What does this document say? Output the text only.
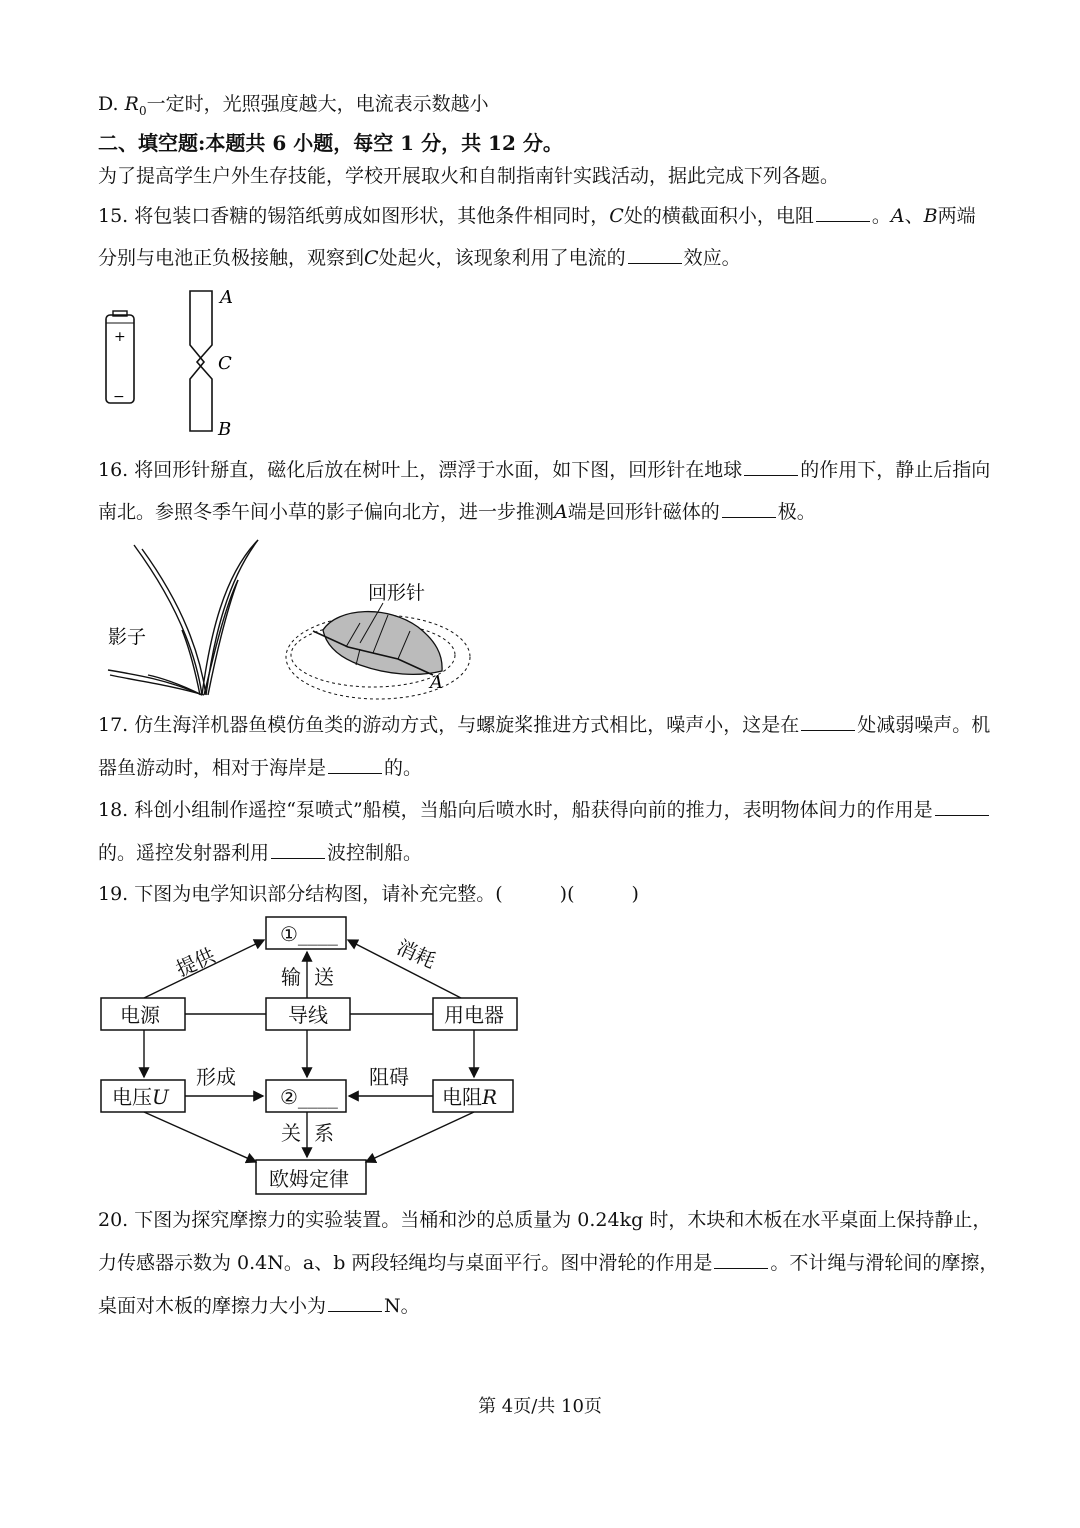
D. $R_0$一定时，光照强度越大，电流表示数越小
二、填空题:本题共 6 小题，每空 1 分，共 12 分。
为了提高学生户外生存技能，学校开展取火和自制指南针实践活动，据此完成下列各题。
15. 将包装口香糖的锡箔纸剪成如图形状，其他条件相同时，C处的横截面积小，电阻	。A、B两端
分别与电池正负极接触，观察到C处起火，该现象利用了电流的	效应。
+
−
A
C
B
16. 将回形针掰直，磁化后放在树叶上，漂浮于水面，如下图，回形针在地球	的作用下，静止后指向
南北。参照冬季午间小草的影子偏向北方，进一步推测A端是回形针磁体的	极。
影子
回形针
A
17. 仿生海洋机器鱼模仿鱼类的游动方式，与螺旋桨推进方式相比，噪声小，这是在	处减弱噪声。机
器鱼游动时，相对于海岸是	的。
18. 科创小组制作遥控“泵喷式”船模，当船向后喷水时，船获得向前的推力，表明物体间力的作用是
的。遥控发射器利用	波控制船。
19. 下图为电学知识部分结构图，请补充完整。(　　　)(　　　)
①____
电源	导线	用电器
电压U	②____	电阻R
欧姆定律
提供	消耗
输 送
形成	阻碍
关 系
20. 下图为探究摩擦力的实验装置。当桶和沙的总质量为 0.24kg 时，木块和木板在水平桌面上保持静止，
力传感器示数为 0.4N。a、b 两段轻绳均与桌面平行。图中滑轮的作用是	。不计绳与滑轮间的摩擦，
桌面对木板的摩擦力大小为	N。
第 4页/共 10页
